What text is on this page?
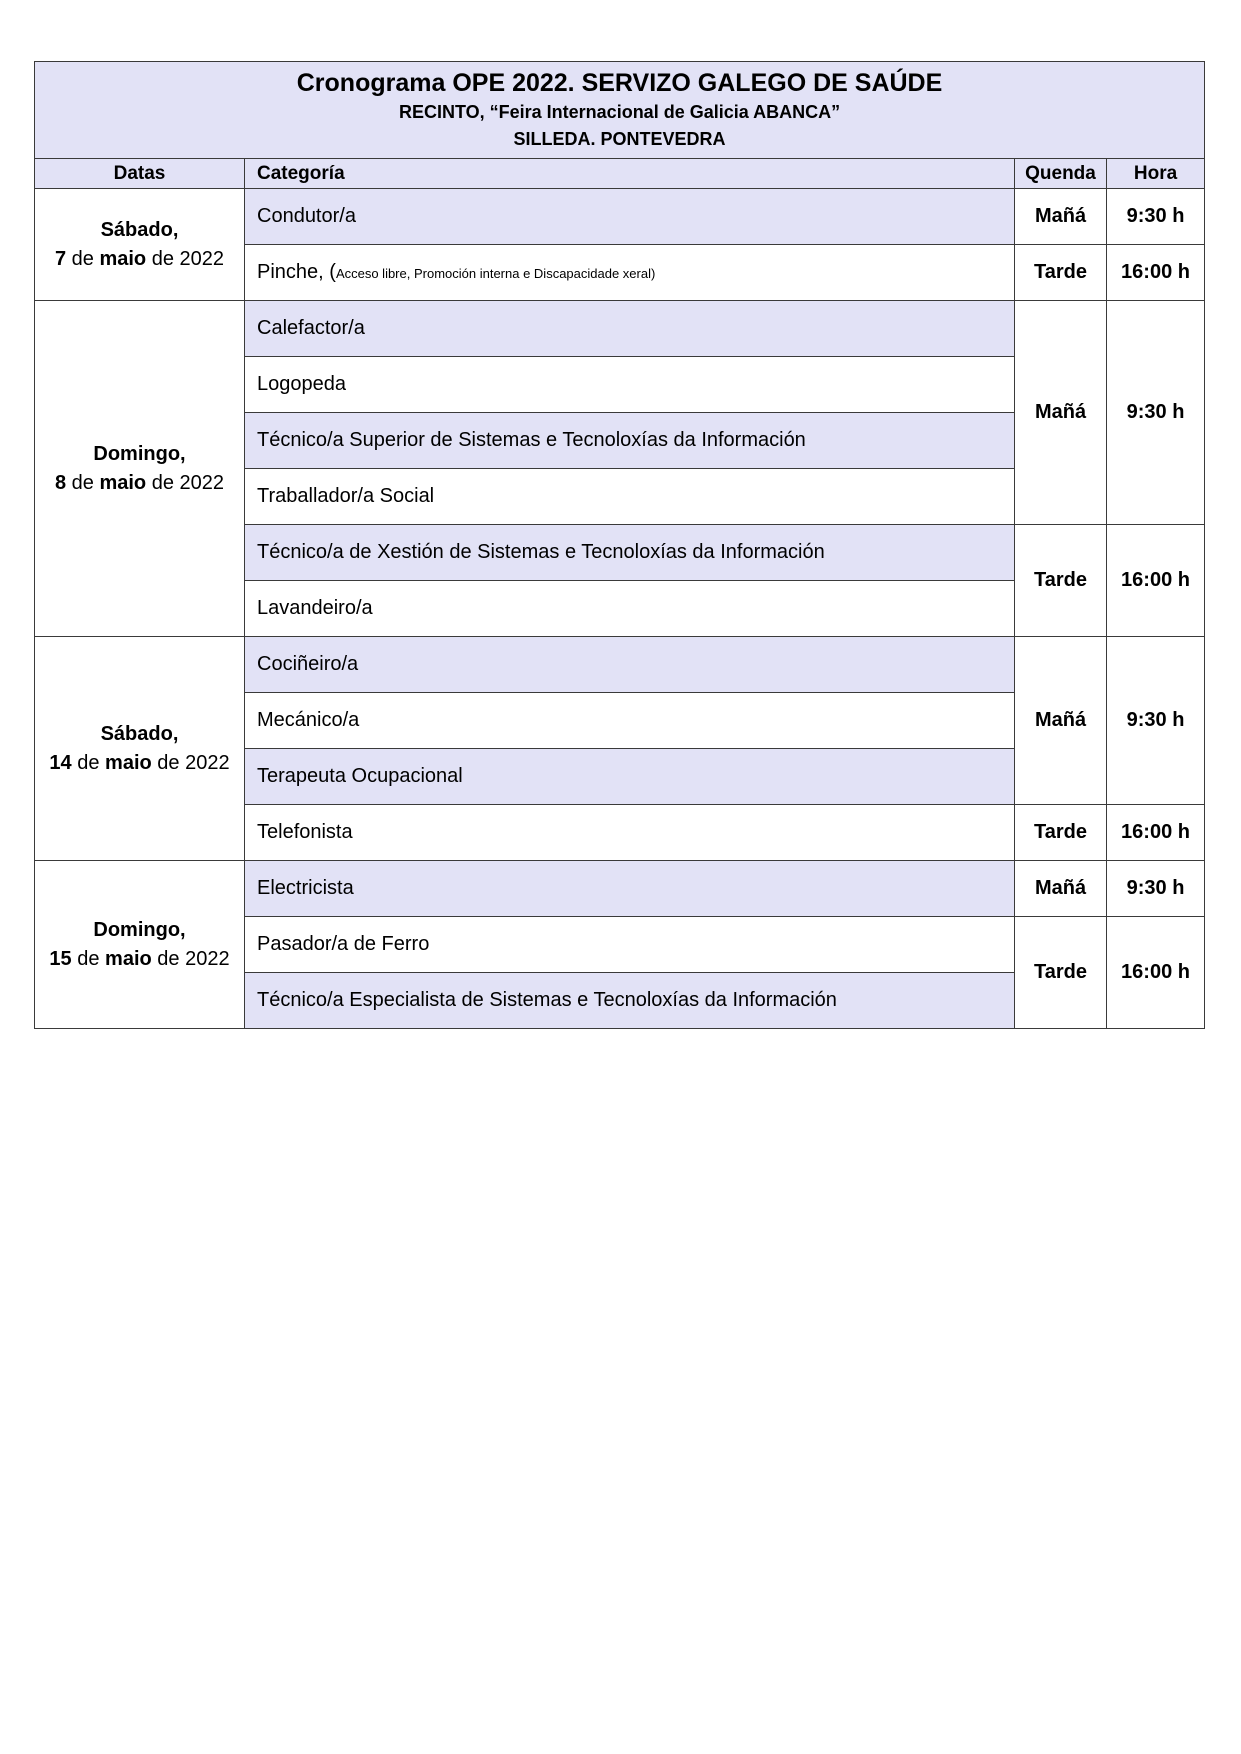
Cronograma OPE 2022. SERVIZO GALEGO DE SAÚDE
RECINTO, “Feira Internacional de Galicia ABANCA”
SILLEDA. PONTEVEDRA			

Datas	Categoría	Quenda	Hora
Sábado,
7 de maio de 2022	Condutor/a	Mañá	9:30 h
	Pinche, (Acceso libre, Promoción interna e Discapacidade xeral)	Tarde	16:00 h
Domingo,
8 de maio de 2022	Calefactor/a	Mañá	9:30 h
	Logopeda		
	Técnico/a Superior de Sistemas e Tecnoloxías da Información		
	Traballador/a Social		
	Técnico/a de Xestión de Sistemas e Tecnoloxías da Información	Tarde	16:00 h
	Lavandeiro/a		
Sábado,
14 de maio de 2022	Cociñeiro/a	Mañá	9:30 h
	Mecánico/a		
	Terapeuta Ocupacional		
	Telefonista	Tarde	16:00 h
Domingo,
15 de maio de 2022	Electricista	Mañá	9:30 h
	Pasador/a de Ferro	Tarde	16:00 h
	Técnico/a Especialista de Sistemas e Tecnoloxías da Información		
